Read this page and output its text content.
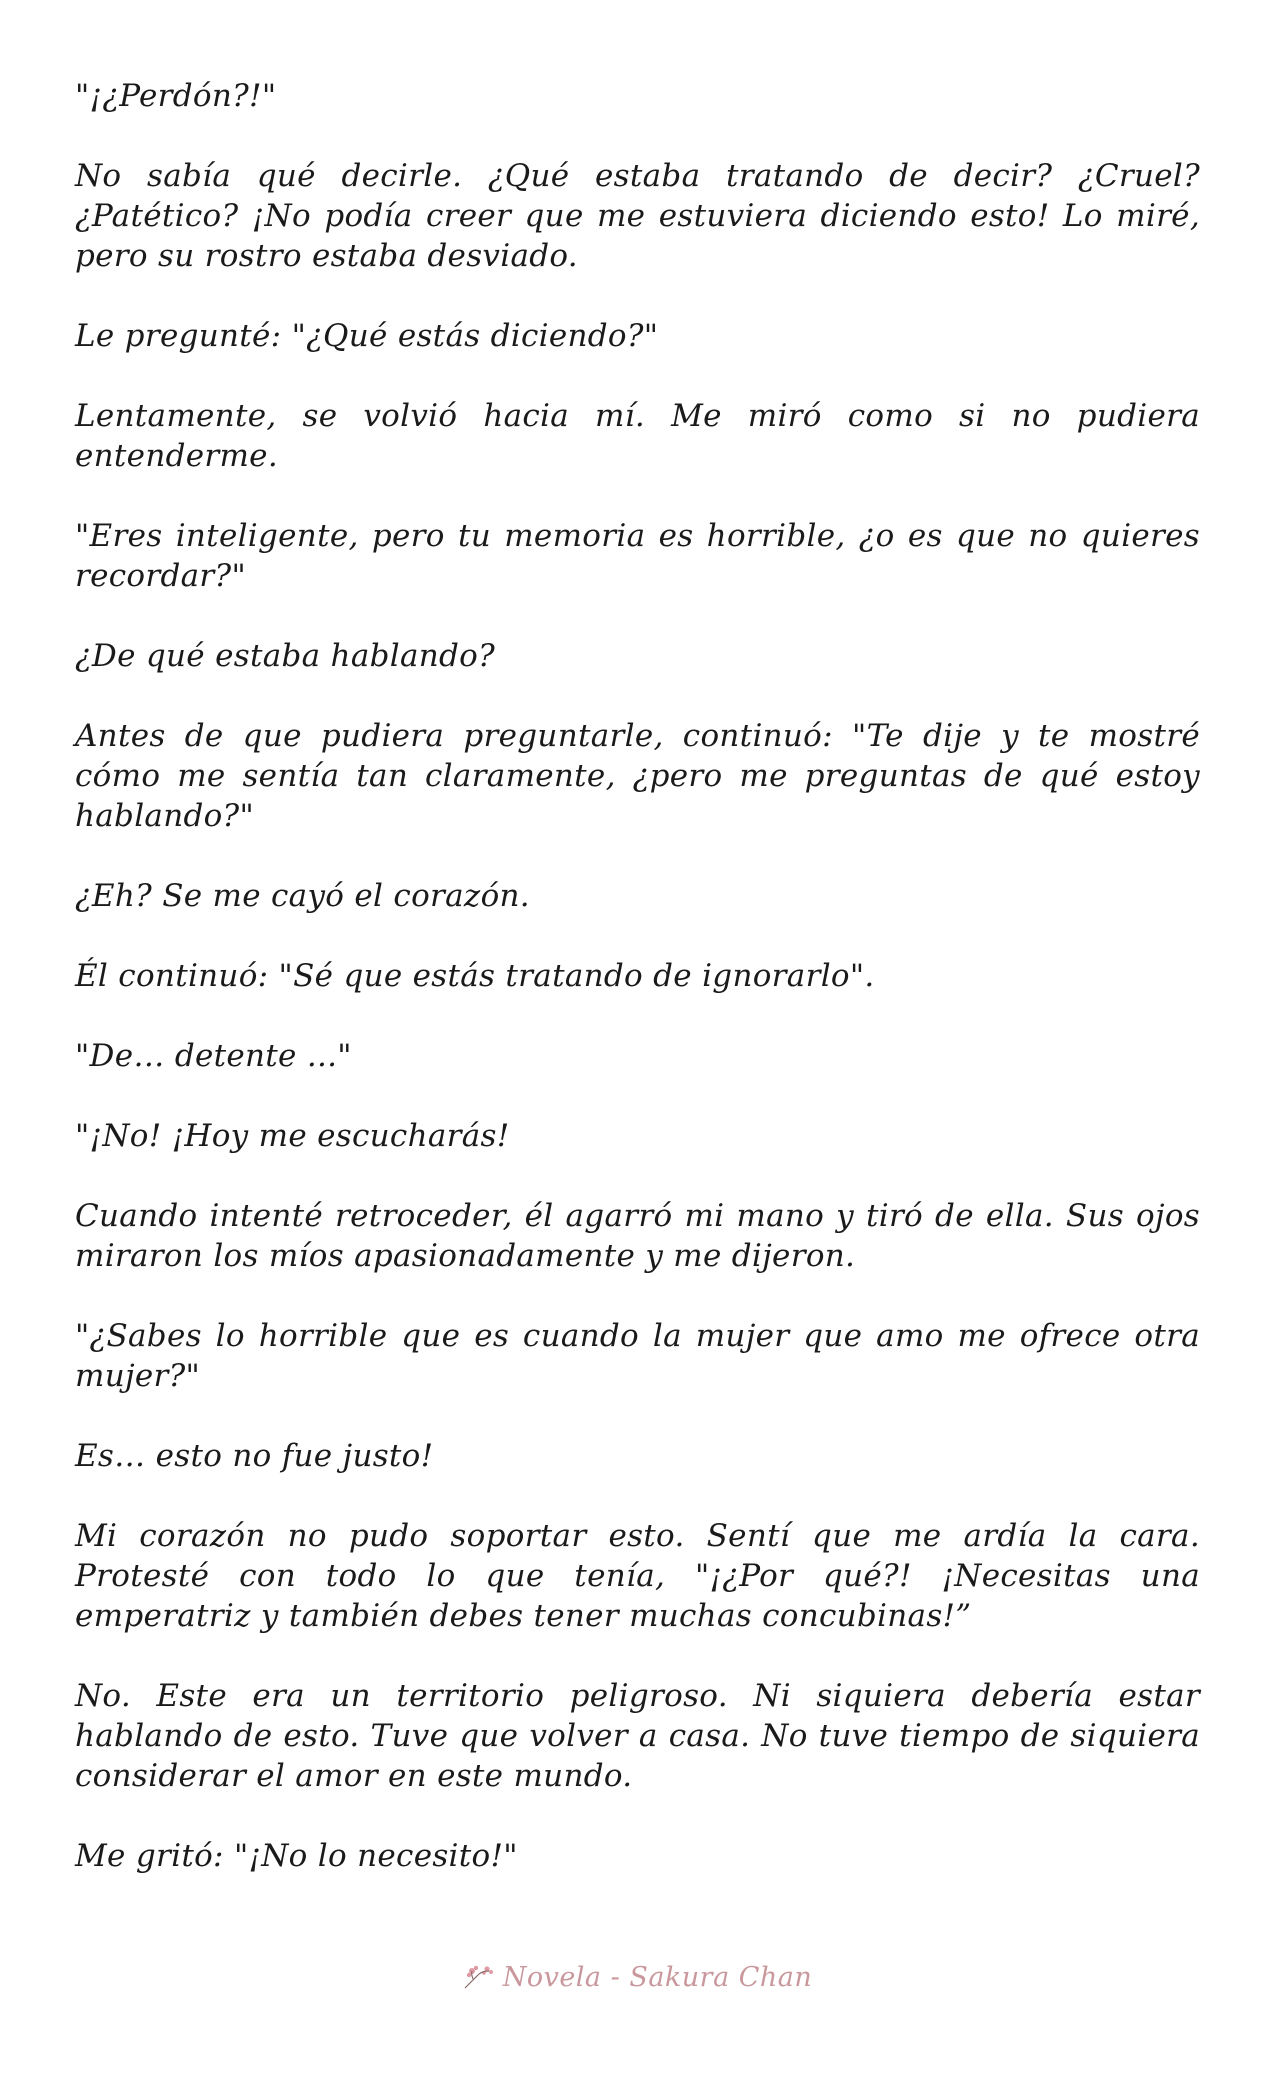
"¡¿Perdón?!"

No sabía qué decirle. ¿Qué estaba tratando de decir? ¿Cruel? ¿Patético? ¡No podía creer que me estuviera diciendo esto! Lo miré, pero su rostro estaba desviado.

Le pregunté: "¿Qué estás diciendo?"

Lentamente, se volvió hacia mí. Me miró como si no pudiera entenderme.

"Eres inteligente, pero tu memoria es horrible, ¿o es que no quieres recordar?"

¿De qué estaba hablando?

Antes de que pudiera preguntarle, continuó: "Te dije y te mostré cómo me sentía tan claramente, ¿pero me preguntas de qué estoy hablando?"

¿Eh? Se me cayó el corazón.

Él continuó: "Sé que estás tratando de ignorarlo".

"De… detente ..."

"¡No! ¡Hoy me escucharás!

Cuando intenté retroceder, él agarró mi mano y tiró de ella. Sus ojos miraron los míos apasionadamente y me dijeron.

"¿Sabes lo horrible que es cuando la mujer que amo me ofrece otra mujer?"

Es… esto no fue justo!

Mi corazón no pudo soportar esto. Sentí que me ardía la cara. Protesté con todo lo que tenía, "¡¿Por qué?! ¡Necesitas una emperatriz y también debes tener muchas concubinas!”

No. Este era un territorio peligroso. Ni siquiera debería estar hablando de esto. Tuve que volver a casa. No tuve tiempo de siquiera considerar el amor en este mundo.

Me gritó: "¡No lo necesito!"

Novela - Sakura Chan
